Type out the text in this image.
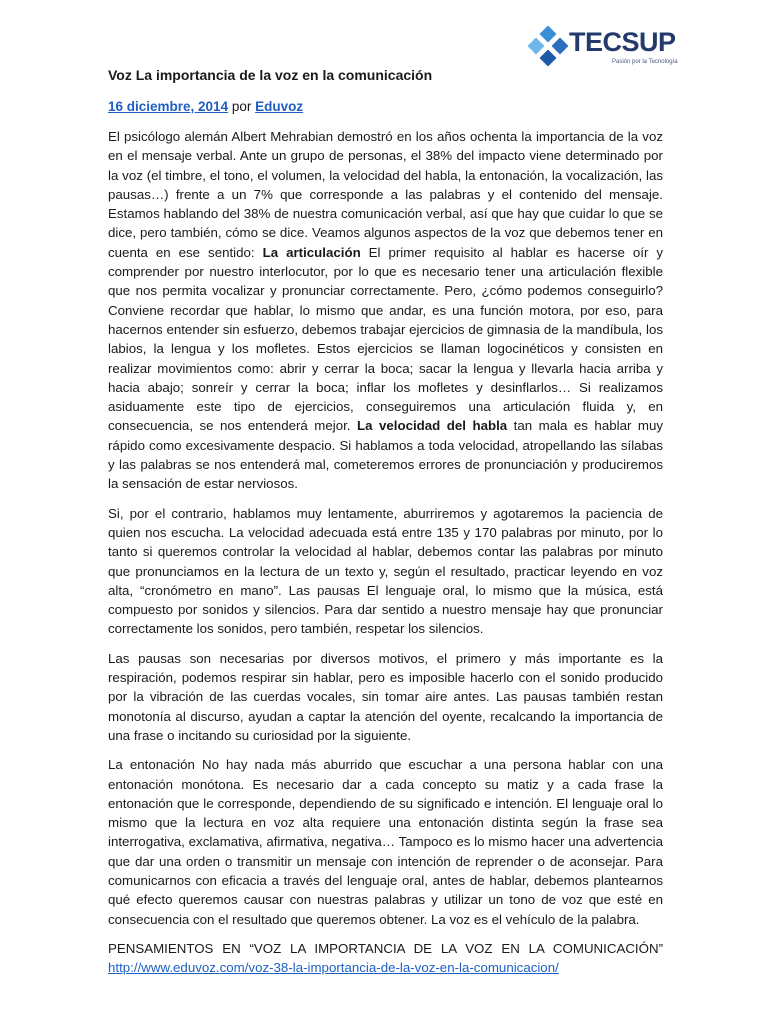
TECSUP
Pasión por la Tecnología
Voz La importancia de la voz en la comunicación
16 diciembre, 2014 por Eduvoz

El psicólogo alemán Albert Mehrabian demostró en los años ochenta la importancia de la voz en el mensaje verbal. Ante un grupo de personas, el 38% del impacto viene determinado por la voz (el timbre, el tono, el volumen, la velocidad del habla, la entonación, la vocalización, las pausas…) frente a un 7% que corresponde a las palabras y el contenido del mensaje. Estamos hablando del 38% de nuestra comunicación verbal, así que hay que cuidar lo que se dice, pero también, cómo se dice. Veamos algunos aspectos de la voz que debemos tener en cuenta en ese sentido: La articulación El primer requisito al hablar es hacerse oír y comprender por nuestro interlocutor, por lo que es necesario tener una articulación flexible que nos permita vocalizar y pronunciar correctamente. Pero, ¿cómo podemos conseguirlo? Conviene recordar que hablar, lo mismo que andar, es una función motora, por eso, para hacernos entender sin esfuerzo, debemos trabajar ejercicios de gimnasia de la mandíbula, los labios, la lengua y los mofletes. Estos ejercicios se llaman logocinéticos y consisten en realizar movimientos como: abrir y cerrar la boca; sacar la lengua y llevarla hacia arriba y hacia abajo; sonreír y cerrar la boca; inflar los mofletes y desinflarlos… Si realizamos asiduamente este tipo de ejercicios, conseguiremos una articulación fluida y, en consecuencia, se nos entenderá mejor. La velocidad del habla tan mala es hablar muy rápido como excesivamente despacio. Si hablamos a toda velocidad, atropellando las sílabas y las palabras se nos entenderá mal, cometeremos errores de pronunciación y produciremos la sensación de estar nerviosos.

Si, por el contrario, hablamos muy lentamente, aburriremos y agotaremos la paciencia de quien nos escucha. La velocidad adecuada está entre 135 y 170 palabras por minuto, por lo tanto si queremos controlar la velocidad al hablar, debemos contar las palabras por minuto que pronunciamos en la lectura de un texto y, según el resultado, practicar leyendo en voz alta, “cronómetro en mano”. Las pausas El lenguaje oral, lo mismo que la música, está compuesto por sonidos y silencios. Para dar sentido a nuestro mensaje hay que pronunciar correctamente los sonidos, pero también, respetar los silencios.

Las pausas son necesarias por diversos motivos, el primero y más importante es la respiración, podemos respirar sin hablar, pero es imposible hacerlo con el sonido producido por la vibración de las cuerdas vocales, sin tomar aire antes. Las pausas también restan monotonía al discurso, ayudan a captar la atención del oyente, recalcando la importancia de una frase o incitando su curiosidad por la siguiente.

La entonación No hay nada más aburrido que escuchar a una persona hablar con una entonación monótona. Es necesario dar a cada concepto su matiz y a cada frase la entonación que le corresponde, dependiendo de su significado e intención. El lenguaje oral lo mismo que la lectura en voz alta requiere una entonación distinta según la frase sea interrogativa, exclamativa, afirmativa, negativa… Tampoco es lo mismo hacer una advertencia que dar una orden o transmitir un mensaje con intención de reprender o de aconsejar. Para comunicarnos con eficacia a través del lenguaje oral, antes de hablar, debemos plantearnos qué efecto queremos causar con nuestras palabras y utilizar un tono de voz que esté en consecuencia con el resultado que queremos obtener. La voz es el vehículo de la palabra.

PENSAMIENTOS EN “VOZ LA IMPORTANCIA DE LA VOZ EN LA COMUNICACIÓN”
http://www.eduvoz.com/voz-38-la-importancia-de-la-voz-en-la-comunicacion/
